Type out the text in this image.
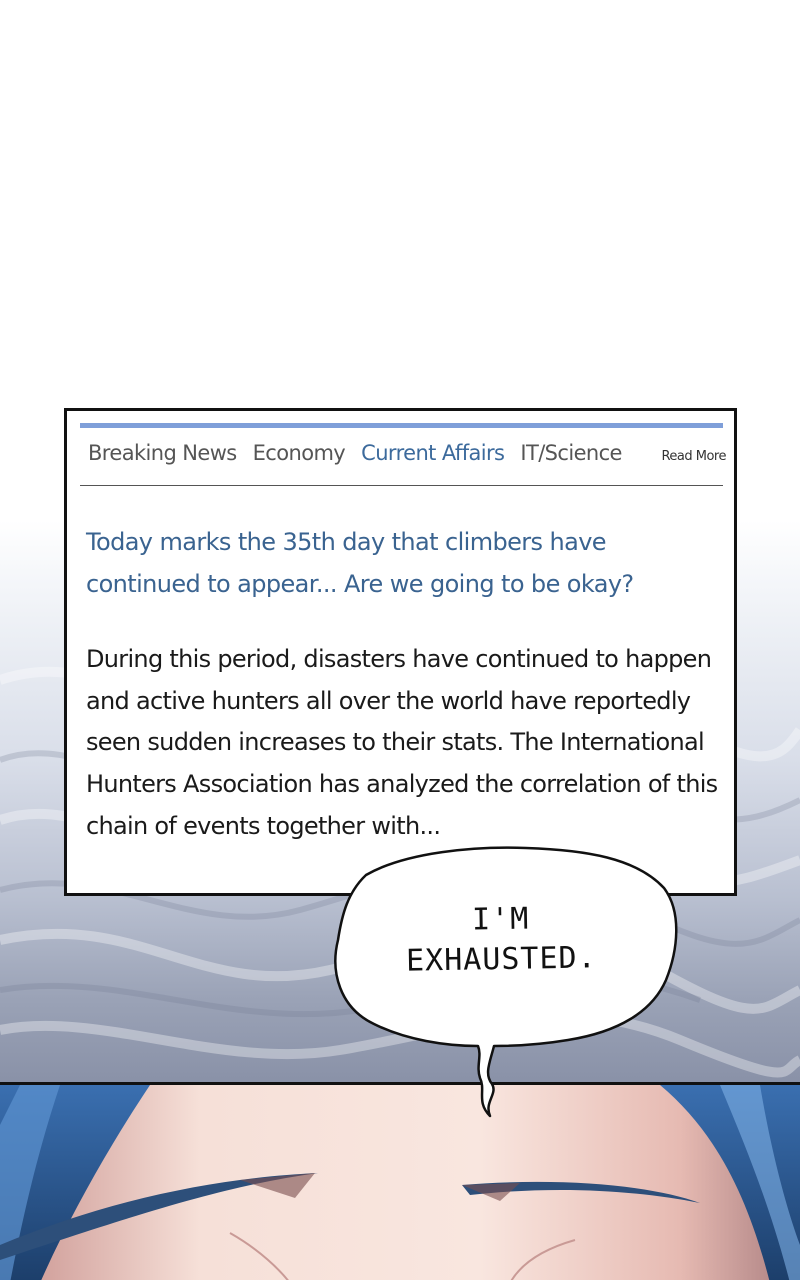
Breaking News Economy Current Affairs IT/Science	Read More
Today marks the 35th day that climbers have continued to appear... Are we going to be okay?
During this period, disasters have continued to happen and active hunters all over the world have reportedly seen sudden increases to their stats. The International Hunters Association has analyzed the correlation of this chain of events together with...
I'M
EXHAUSTED.
